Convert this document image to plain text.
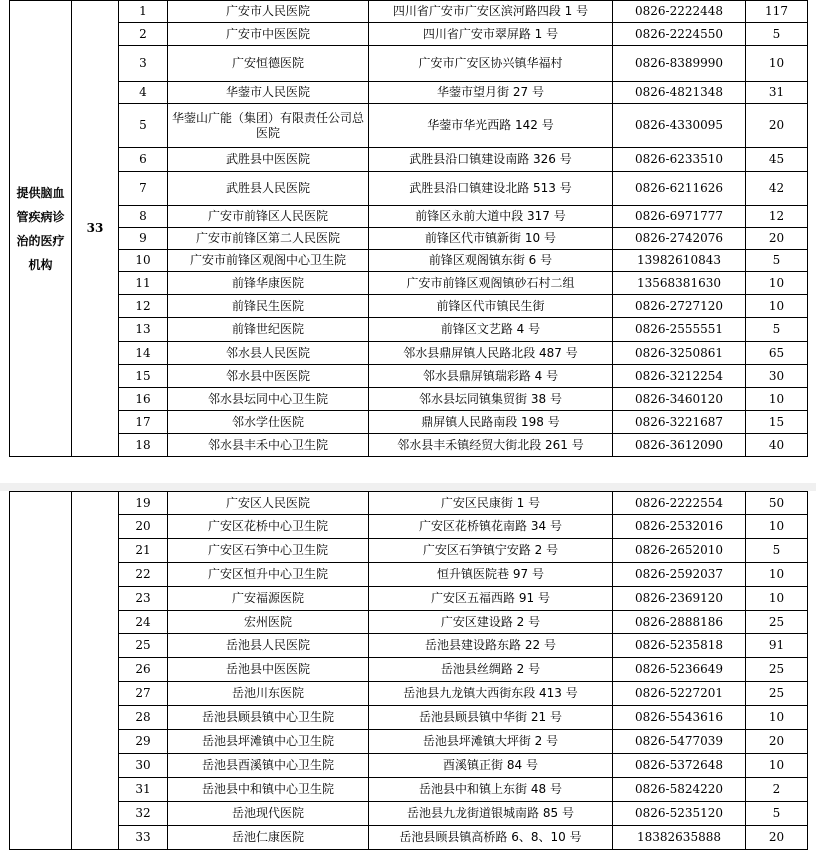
提供脑血管疾病诊治的医疗机构	33	1	广安市人民医院	四川省广安市广安区滨河路四段 1 号	0826-2222448	117
		2	广安市中医医院	四川省广安市翠屏路 1 号	0826-2224550	5
		3	广安恒德医院	广安市广安区协兴镇华福村	0826-8389990	10
		4	华蓥市人民医院	华蓥市望月街 27 号	0826-4821348	31
		5	华蓥山广能（集团）有限责任公司总医院	华蓥市华光西路 142 号	0826-4330095	20
		6	武胜县中医医院	武胜县沿口镇建设南路 326 号	0826-6233510	45
		7	武胜县人民医院	武胜县沿口镇建设北路 513 号	0826-6211626	42
		8	广安市前锋区人民医院	前锋区永前大道中段 317 号	0826-6971777	12
		9	广安市前锋区第二人民医院	前锋区代市镇新街 10 号	0826-2742076	20
		10	广安市前锋区观阁中心卫生院	前锋区观阁镇东街 6 号	13982610843	5
		11	前锋华康医院	广安市前锋区观阁镇砂石村二组	13568381630	10
		12	前锋民生医院	前锋区代市镇民生街	0826-2727120	10
		13	前锋世纪医院	前锋区文艺路 4 号	0826-2555551	5
		14	邻水县人民医院	邻水县鼎屏镇人民路北段 487 号	0826-3250861	65
		15	邻水县中医医院	邻水县鼎屏镇瑞彩路 4 号	0826-3212254	30
		16	邻水县坛同中心卫生院	邻水县坛同镇集贸街 38 号	0826-3460120	10
		17	邻水学仕医院	鼎屏镇人民路南段 198 号	0826-3221687	15
		18	邻水县丰禾中心卫生院	邻水县丰禾镇经贸大街北段 261 号	0826-3612090	40
		19	广安区人民医院	广安区民康街 1 号	0826-2222554	50
		20	广安区花桥中心卫生院	广安区花桥镇花南路 34 号	0826-2532016	10
		21	广安区石笋中心卫生院	广安区石笋镇宁安路 2 号	0826-2652010	5
		22	广安区恒升中心卫生院	恒升镇医院巷 97 号	0826-2592037	10
		23	广安福源医院	广安区五福西路 91 号	0826-2369120	10
		24	宏州医院	广安区建设路 2 号	0826-2888186	25
		25	岳池县人民医院	岳池县建设路东路 22 号	0826-5235818	91
		26	岳池县中医医院	岳池县丝绸路 2 号	0826-5236649	25
		27	岳池川东医院	岳池县九龙镇大西街东段 413 号	0826-5227201	25
		28	岳池县顾县镇中心卫生院	岳池县顾县镇中华街 21 号	0826-5543616	10
		29	岳池县坪滩镇中心卫生院	岳池县坪滩镇大坪街 2 号	0826-5477039	20
		30	岳池县酉溪镇中心卫生院	酉溪镇正街 84 号	0826-5372648	10
		31	岳池县中和镇中心卫生院	岳池县中和镇上东街 48 号	0826-5824220	2
		32	岳池现代医院	岳池县九龙街道银城南路 85 号	0826-5235120	5
		33	岳池仁康医院	岳池县顾县镇高桥路 6、8、10 号	18382635888	20
